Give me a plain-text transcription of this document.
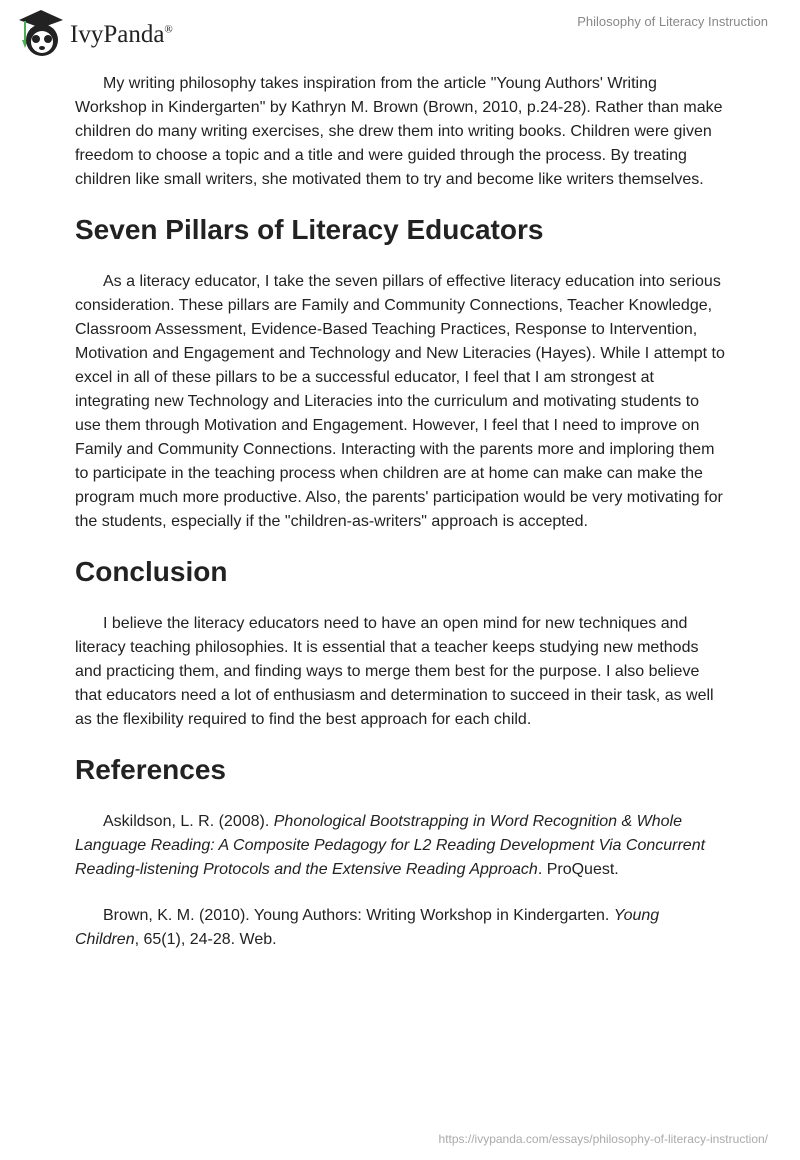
IvyPanda®
Philosophy of Literacy Instruction

My writing philosophy takes inspiration from the article "Young Authors' Writing Workshop in Kindergarten" by Kathryn M. Brown (Brown, 2010, p.24-28). Rather than make children do many writing exercises, she drew them into writing books. Children were given freedom to choose a topic and a title and were guided through the process. By treating children like small writers, she motivated them to try and become like writers themselves.

Seven Pillars of Literacy Educators

As a literacy educator, I take the seven pillars of effective literacy education into serious consideration. These pillars are Family and Community Connections, Teacher Knowledge, Classroom Assessment, Evidence-Based Teaching Practices, Response to Intervention, Motivation and Engagement and Technology and New Literacies (Hayes). While I attempt to excel in all of these pillars to be a successful educator, I feel that I am strongest at integrating new Technology and Literacies into the curriculum and motivating students to use them through Motivation and Engagement. However, I feel that I need to improve on Family and Community Connections. Interacting with the parents more and imploring them to participate in the teaching process when children are at home can make can make the program much more productive. Also, the parents' participation would be very motivating for the students, especially if the "children-as-writers" approach is accepted.

Conclusion

I believe the literacy educators need to have an open mind for new techniques and literacy teaching philosophies. It is essential that a teacher keeps studying new methods and practicing them, and finding ways to merge them best for the purpose. I also believe that educators need a lot of enthusiasm and determination to succeed in their task, as well as the flexibility required to find the best approach for each child.

References

Askildson, L. R. (2008). Phonological Bootstrapping in Word Recognition & Whole Language Reading: A Composite Pedagogy for L2 Reading Development Via Concurrent Reading-listening Protocols and the Extensive Reading Approach. ProQuest.

Brown, K. M. (2010). Young Authors: Writing Workshop in Kindergarten. Young Children, 65(1), 24-28. Web.

https://ivypanda.com/essays/philosophy-of-literacy-instruction/
